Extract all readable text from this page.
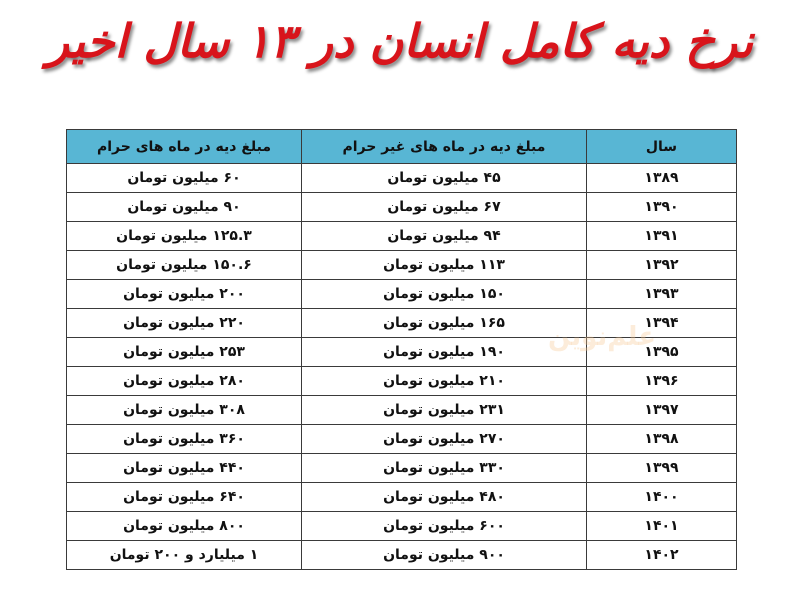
نرخ دیه کامل انسان در ۱۳ سال اخیر
سال	مبلغ دیه در ماه های غیر حرام	مبلغ دیه در ماه های حرام
۱۳۸۹	۴۵ میلیون تومان	۶۰ میلیون تومان
۱۳۹۰	۶۷ میلیون تومان	۹۰ میلیون تومان
۱۳۹۱	۹۴ میلیون تومان	۱۲۵.۳ میلیون تومان
۱۳۹۲	۱۱۳ میلیون تومان	۱۵۰.۶ میلیون تومان
۱۳۹۳	۱۵۰ میلیون تومان	۲۰۰ میلیون تومان
۱۳۹۴	۱۶۵ میلیون تومان	۲۲۰ میلیون تومان
۱۳۹۵	۱۹۰ میلیون تومان	۲۵۳ میلیون تومان
۱۳۹۶	۲۱۰ میلیون تومان	۲۸۰ میلیون تومان
۱۳۹۷	۲۳۱ میلیون تومان	۳۰۸ میلیون تومان
۱۳۹۸	۲۷۰ میلیون تومان	۳۶۰ میلیون تومان
۱۳۹۹	۳۳۰ میلیون تومان	۴۴۰ میلیون تومان
۱۴۰۰	۴۸۰ میلیون تومان	۶۴۰ میلیون تومان
۱۴۰۱	۶۰۰ میلیون تومان	۸۰۰ میلیون تومان
۱۴۰۲	۹۰۰ میلیون تومان	۱ میلیارد و ۲۰۰ تومان
علم‌نوین
